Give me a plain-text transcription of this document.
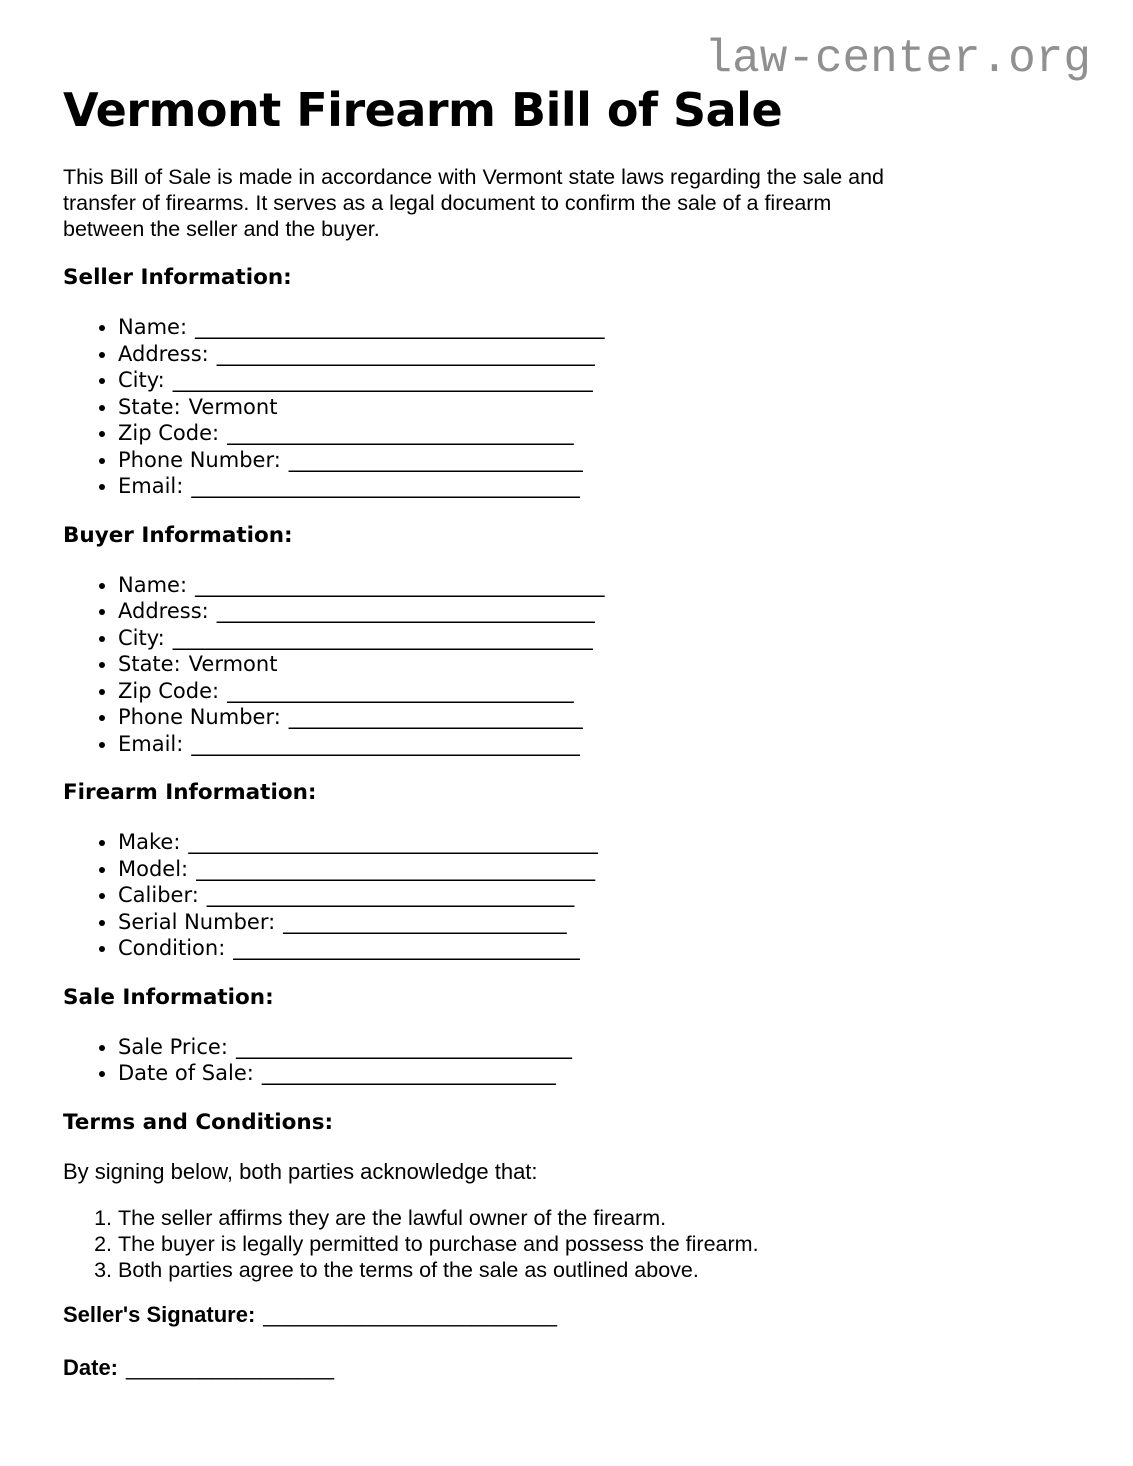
law-center.org
Vermont Firearm Bill of Sale

This Bill of Sale is made in accordance with Vermont state laws regarding the sale and
transfer of firearms. It serves as a legal document to confirm the sale of a firearm
between the seller and the buyer.

Seller Information:
• Name: _______________________________________
• Address: ____________________________________
• City: ________________________________________
• State: Vermont
• Zip Code: _________________________________
• Phone Number: ____________________________
• Email: _____________________________________
Buyer Information:
• Name: _______________________________________
• Address: ____________________________________
• City: ________________________________________
• State: Vermont
• Zip Code: _________________________________
• Phone Number: ____________________________
• Email: _____________________________________
Firearm Information:
• Make: _______________________________________
• Model: ______________________________________
• Caliber: ___________________________________
• Serial Number: ___________________________
• Condition: _________________________________
Sale Information:
• Sale Price: ________________________________
• Date of Sale: ____________________________
Terms and Conditions:

By signing below, both parties acknowledge that:

1. The seller affirms they are the lawful owner of the firearm.
2. The buyer is legally permitted to purchase and possess the firearm.
3. Both parties agree to the terms of the sale as outlined above.

Seller's Signature: ________________________

Date: _________________
